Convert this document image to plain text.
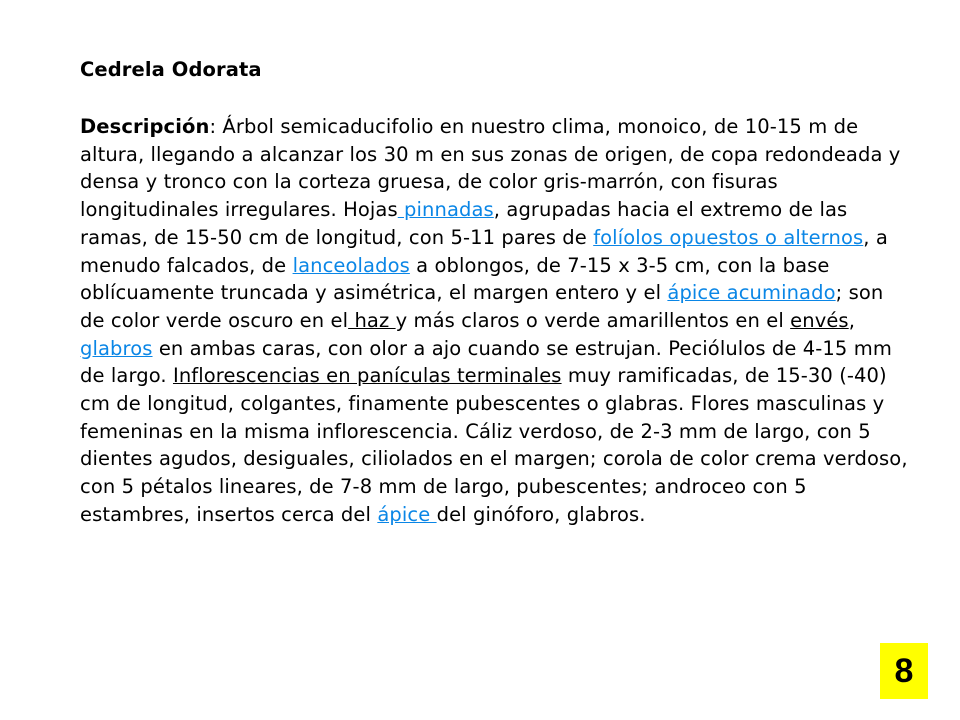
Cedrela Odorata

Descripción: Árbol semicaducifolio en nuestro clima, monoico, de 10-15 m de altura, llegando a alcanzar los 30 m en sus zonas de origen, de copa redondeada y densa y tronco con la corteza gruesa, de color gris-marrón, con fisuras longitudinales irregulares. Hojas pinnadas, agrupadas hacia el extremo de las ramas, de 15-50 cm de longitud, con 5-11 pares de folíolos opuestos o alternos, a menudo falcados, de lanceolados a oblongos, de 7-15 x 3-5 cm, con la base oblícuamente truncada y asimétrica, el margen entero y el ápice acuminado; son de color verde oscuro en el haz y más claros o verde amarillentos en el envés, glabros en ambas caras, con olor a ajo cuando se estrujan. Peciólulos de 4-15 mm de largo. Inflorescencias en panículas terminales muy ramificadas, de 15-30 (-40) cm de longitud, colgantes, finamente pubescentes o glabras. Flores masculinas y femeninas en la misma inflorescencia. Cáliz verdoso, de 2-3 mm de largo, con 5 dientes agudos, desiguales, ciliolados en el margen; corola de color crema verdoso, con 5 pétalos lineares, de 7-8 mm de largo, pubescentes; androceo con 5 estambres, insertos cerca del ápice del ginóforo, glabros.

8
